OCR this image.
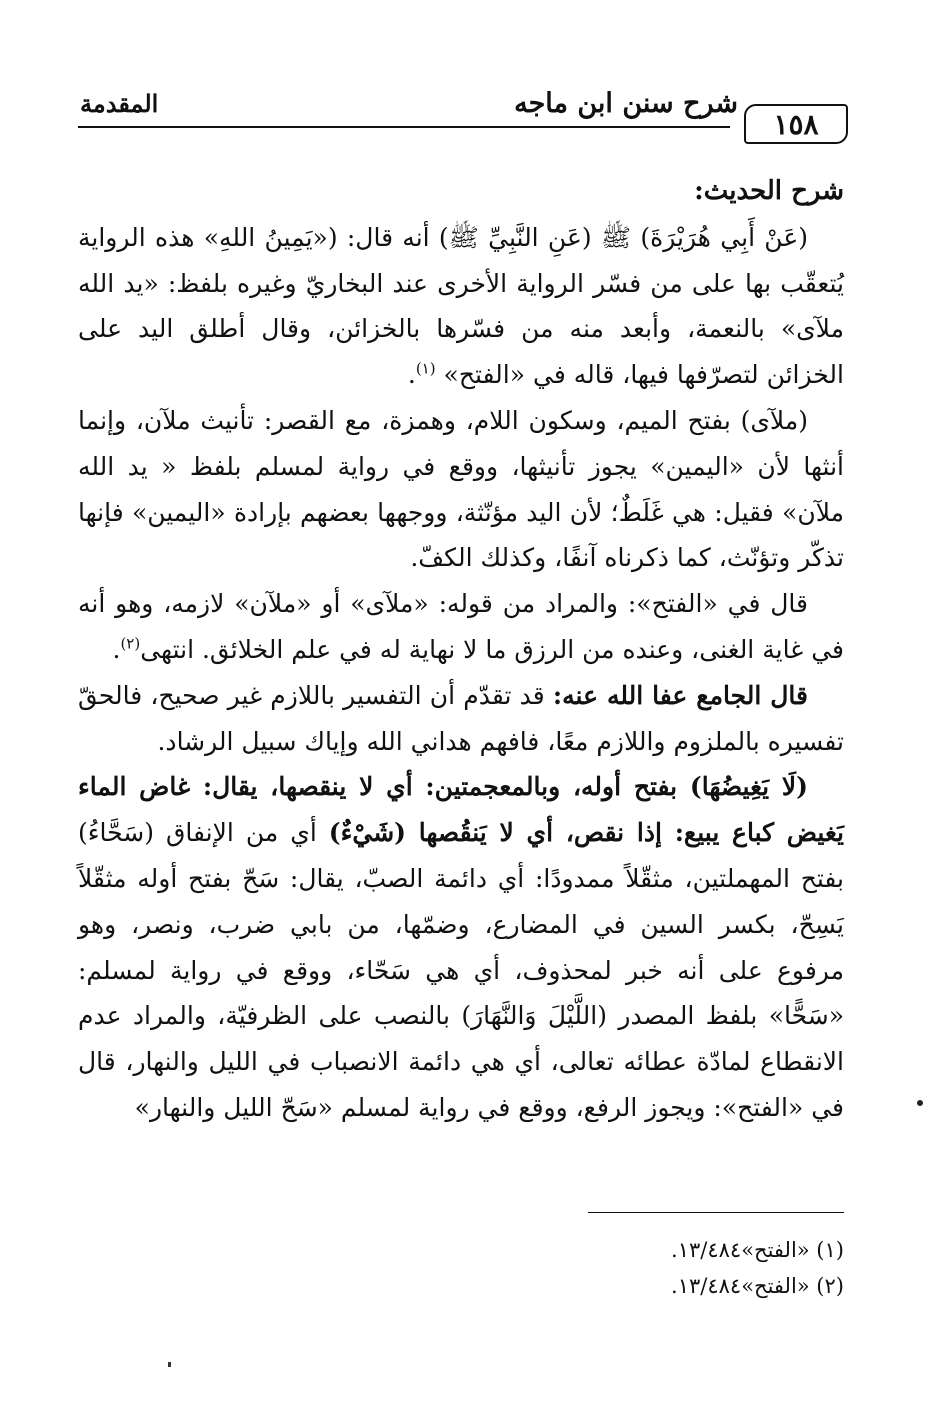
١٥٨
شرح سنن ابن ماجه
المقدمة

شرح الحديث:

(عَنْ أَبِي هُرَيْرَةَ) ﷺ (عَنِ النَّبِيِّ ﷺ) أنه قال: («يَمِينُ اللهِ» هذه الرواية يُتعقّب بها على من فسّر الرواية الأخرى عند البخاريّ وغيره بلفظ: «يد الله ملآى» بالنعمة، وأبعد منه من فسّرها بالخزائن، وقال أطلق اليد على الخزائن لتصرّفها فيها، قاله في «الفتح» $^{(١)}$.

(ملآى) بفتح الميم، وسكون اللام، وهمزة، مع القصر: تأنيث ملآن، وإنما أنثها لأن «اليمين» يجوز تأنيثها، ووقع في رواية لمسلم بلفظ « يد الله ملآن» فقيل: هي غَلَطٌ؛ لأن اليد مؤنّثة، ووجهها بعضهم بإرادة «اليمين» فإنها تذكّر وتؤنّث، كما ذكرناه آنفًا، وكذلك الكفّ.

قال في «الفتح»: والمراد من قوله: «ملآى» أو «ملآن» لازمه، وهو أنه في غاية الغنى، وعنده من الرزق ما لا نهاية له في علم الخلائق. انتهى$^{(٢)}$.

قال الجامع عفا الله عنه: قد تقدّم أن التفسير باللازم غير صحيح، فالحقّ تفسيره بالملزوم واللازم معًا، فافهم هداني الله وإياك سبيل الرشاد.

(لَا يَغِيضُهَا) بفتح أوله، وبالمعجمتين: أي لا ينقصها، يقال: غاض الماء يَغيض كباع يبيع: إذا نقص، أي لا يَنقُصها (شَيْءٌ) أي من الإنفاق (سَحَّاءُ) بفتح المهملتين، مثقّلاً ممدودًا: أي دائمة الصبّ، يقال: سَحّ بفتح أوله مثقّلاً يَسِحّ، بكسر السين في المضارع، وضمّها، من بابي ضرب، ونصر، وهو مرفوع على أنه خبر لمحذوف، أي هي سَحّاء، ووقع في رواية لمسلم: «سَحًّا» بلفظ المصدر (اللَّيْلَ وَالنَّهَارَ) بالنصب على الظرفيّة، والمراد عدم الانقطاع لمادّة عطائه تعالى، أي هي دائمة الانصباب في الليل والنهار، قال في «الفتح»: ويجوز الرفع، ووقع في رواية لمسلم «سَحّ الليل والنهار»

(١) «الفتح»١٣/٤٨٤.
(٢) «الفتح»١٣/٤٨٤.
